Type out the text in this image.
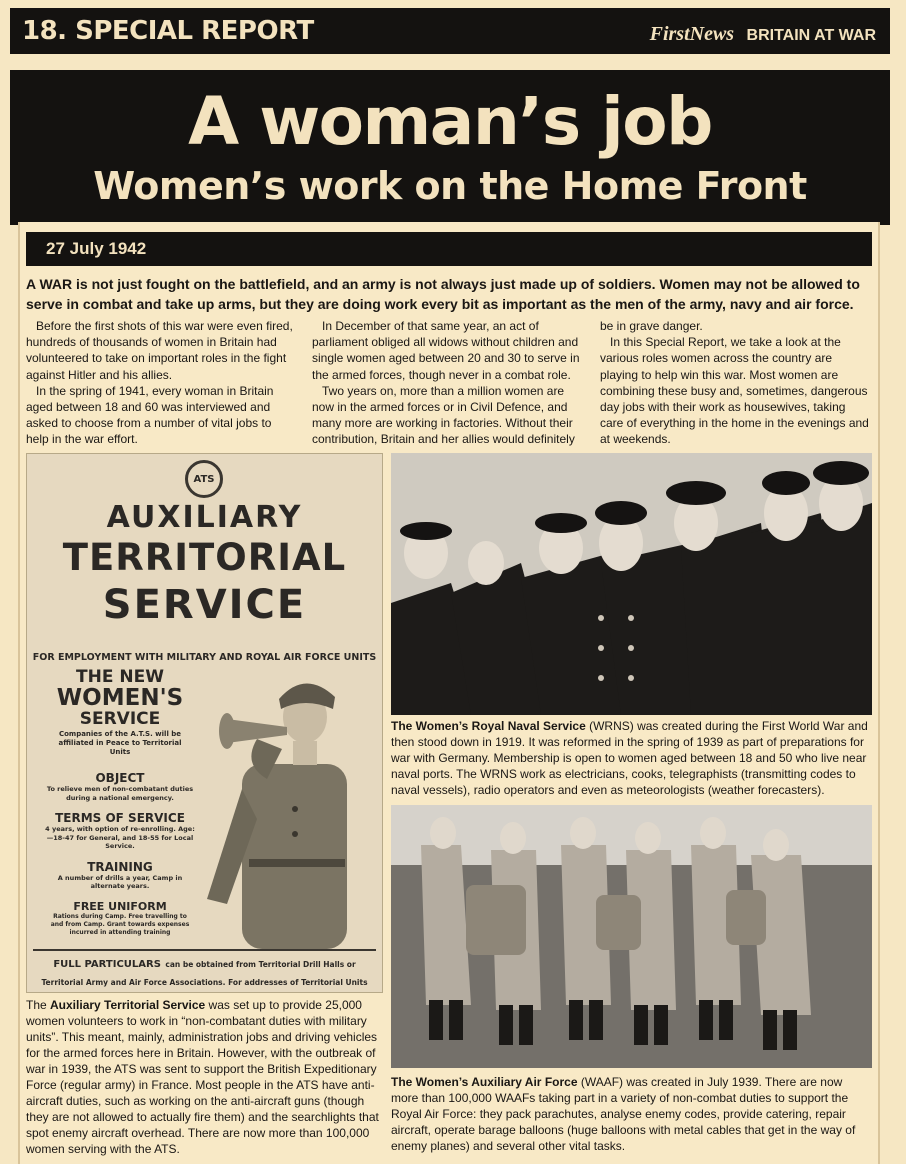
18. SPECIAL REPORT	FirstNews BRITAIN AT WAR
A woman’s job
Women’s work on the Home Front
27 July 1942

A WAR is not just fought on the battlefield, and an army is not always just made up of soldiers. Women may not be allowed to serve in combat and take up arms, but they are doing work every bit as important as the men of the army, navy and air force.

Before the first shots of this war were even fired, hundreds of thousands of women in Britain had volunteered to take on important roles in the fight against Hitler and his allies.

In the spring of 1941, every woman in Britain aged between 18 and 60 was interviewed and asked to choose from a number of vital jobs to help in the war effort.

In December of that same year, an act of parliament obliged all widows without children and single women aged between 20 and 30 to serve in the armed forces, though never in a combat role.

Two years on, more than a million women are now in the armed forces or in Civil Defence, and many more are working in factories. Without their contribution, Britain and her allies would definitely

be in grave danger.

In this Special Report, we take a look at the various roles women across the country are playing to help win this war. Most women are combining these busy and, sometimes, dangerous day jobs with their work as housewives, taking care of everything in the home in the evenings and at weekends.

ATS
AUXILIARY
TERRITORIAL
SERVICE
FOR EMPLOYMENT WITH MILITARY AND ROYAL AIR FORCE UNITS
THE NEW
WOMEN'S
SERVICE
Companies of the A.T.S. will be affiliated in Peace to Territorial Units
OBJECT
To relieve men of non-combatant duties during a national emergency.
TERMS OF SERVICE
4 years, with option of re-enrolling. Age:—18-47 for General, and 18-55 for Local Service.
TRAINING
A number of drills a year, Camp in alternate years.
FREE UNIFORM
Rations during Camp. Free travelling to and from Camp. Grant towards expenses incurred in attending training
FULL PARTICULARS can be obtained from Territorial Drill Halls or Territorial Army and Air Force Associations. For addresses of Territorial Units

The Auxiliary Territorial Service was set up to provide 25,000 women volunteers to work in “non-combatant duties with military units”. This meant, mainly, administration jobs and driving vehicles for the armed forces here in Britain. However, with the outbreak of war in 1939, the ATS was sent to support the British Expeditionary Force (regular army) in France. Most people in the ATS have anti-aircraft duties, such as working on the anti-aircraft guns (though they are not allowed to actually fire them) and the searchlights that spot enemy aircraft overhead. There are now more than 100,000 women serving with the ATS.

The Women’s Royal Naval Service (WRNS) was created during the First World War and then stood down in 1919. It was reformed in the spring of 1939 as part of preparations for war with Germany. Membership is open to women aged between 18 and 50 who live near naval ports. The WRNS work as electricians, cooks, telegraphists (transmitting codes to naval vessels), radio operators and even as meteorologists (weather forecasters).

The Women’s Auxiliary Air Force (WAAF) was created in July 1939. There are now more than 100,000 WAAFs taking part in a variety of non-combat duties to support the Royal Air Force: they pack parachutes, analyse enemy codes, provide catering, repair aircraft, operate barage balloons (huge balloons with metal cables that get in the way of enemy planes) and several other vital tasks.
